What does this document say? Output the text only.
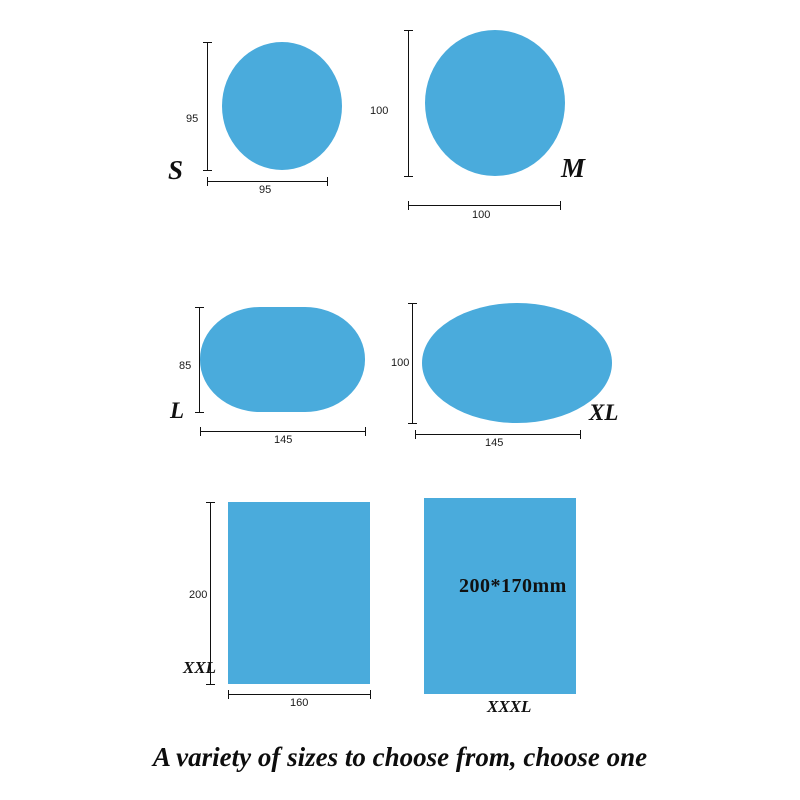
95
95
S
100
100
M
85
145
L
100
145
XL
200
160
XXL
200*170mm
XXXL
A variety of sizes to choose from, choose one
